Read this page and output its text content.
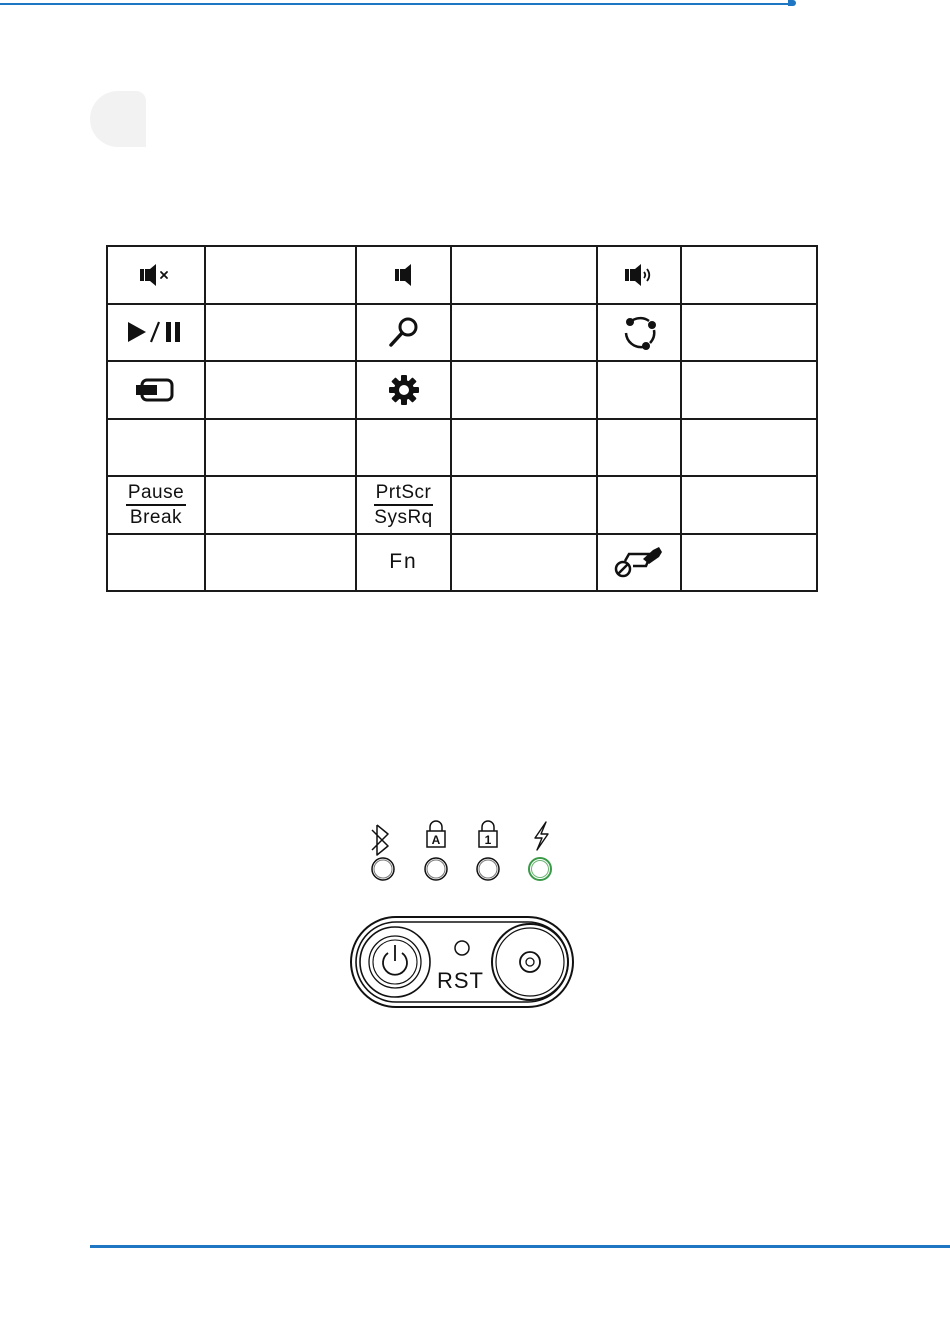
$\frac{\text{Pause}}{\text{Break}}$		$\frac{\text{PrtScr}}{\text{SysRq}}$

		Fn		

A	1
RST
